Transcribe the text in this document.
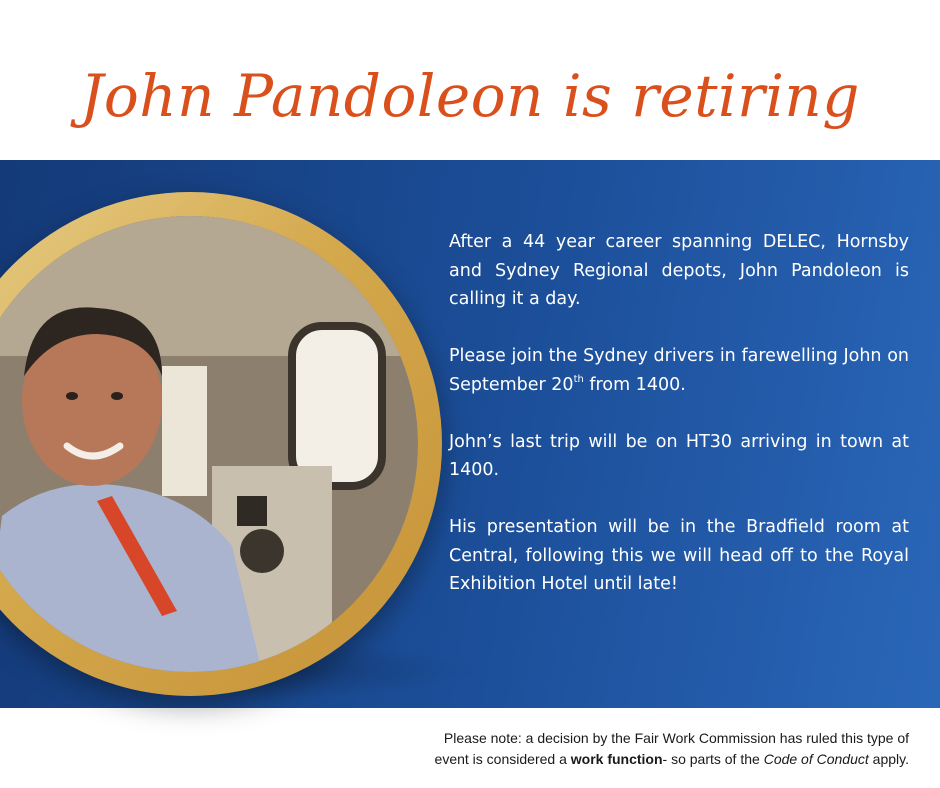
John Pandoleon is retiring

After a 44 year career spanning DELEC, Hornsby and Sydney Regional depots, John Pandoleon is calling it a day.

Please join the Sydney drivers in farewelling John on September 20th from 1400.

John’s last trip will be on HT30 arriving in town at 1400.

His presentation will be in the Bradfield room at Central, following this we will head off to the Royal Exhibition Hotel until late!

Please note: a decision by the Fair Work Commission has ruled this type of
event is considered a work function- so parts of the Code of Conduct apply.
